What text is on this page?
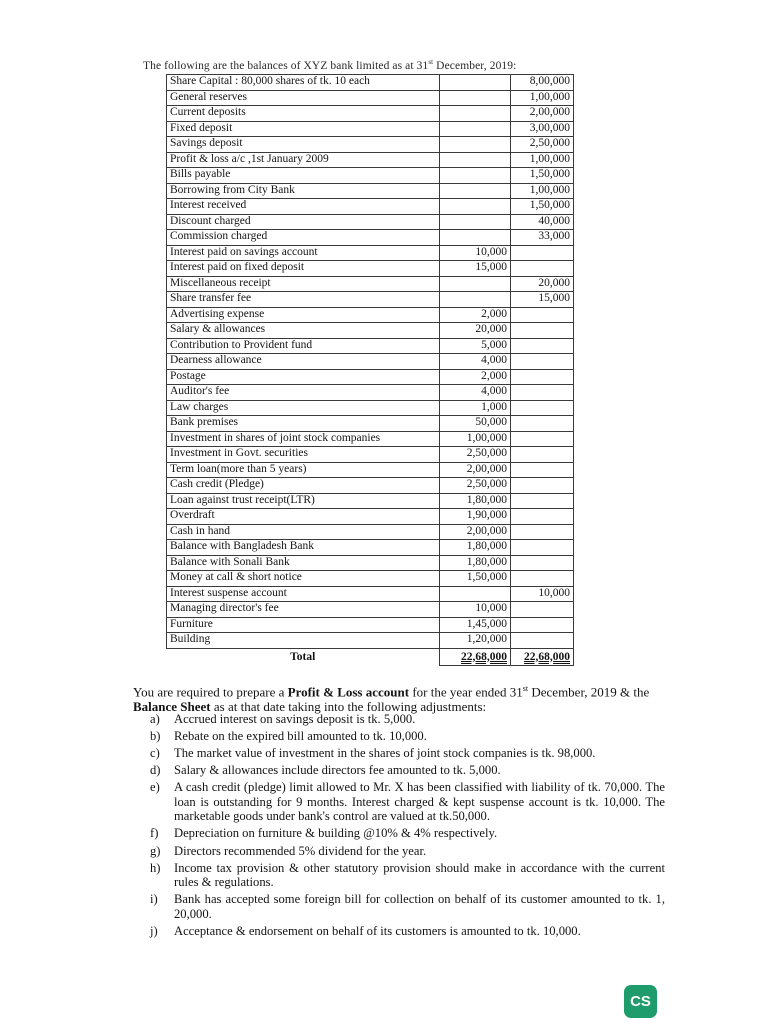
The following are the balances of XYZ bank limited as at 31st December, 2019:
Share Capital : 80,000 shares of tk. 10 each		8,00,000
General reserves		1,00,000
Current deposits		2,00,000
Fixed deposit		3,00,000
Savings deposit		2,50,000
Profit & loss a/c ,1st January 2009		1,00,000
Bills payable		1,50,000
Borrowing from City Bank		1,00,000
Interest received		1,50,000
Discount charged		40,000
Commission charged		33,000
Interest paid on savings account	10,000	
Interest paid on fixed deposit	15,000	
Miscellaneous receipt		20,000
Share transfer fee		15,000
Advertising expense	2,000	
Salary & allowances	20,000	
Contribution to Provident fund	5,000	
Dearness allowance	4,000	
Postage	2,000	
Auditor's fee	4,000	
Law charges	1,000	
Bank premises	50,000	
Investment in shares of joint stock companies	1,00,000	
Investment in Govt. securities	2,50,000	
Term loan(more than 5 years)	2,00,000	
Cash credit (Pledge)	2,50,000	
Loan against trust receipt(LTR)	1,80,000	
Overdraft	1,90,000	
Cash in hand	2,00,000	
Balance with Bangladesh Bank	1,80,000	
Balance with Sonali Bank	1,80,000	
Money at call & short notice	1,50,000	
Interest suspense account		10,000
Managing director's fee	10,000	
Furniture	1,45,000	
Building	1,20,000	
Total	22,68,000	22,68,000
You are required to prepare a Profit & Loss account for the year ended 31st December, 2019 & the Balance Sheet as at that date taking into the following adjustments:
a) Accrued interest on savings deposit is tk. 5,000.
b) Rebate on the expired bill amounted to tk. 10,000.
c) The market value of investment in the shares of joint stock companies is tk. 98,000.
d) Salary & allowances include directors fee amounted to tk. 5,000.
e) A cash credit (pledge) limit allowed to Mr. X has been classified with liability of tk. 70,000. The loan is outstanding for 9 months. Interest charged & kept suspense account is tk. 10,000. The marketable goods under bank's control are valued at tk.50,000.
f) Depreciation on furniture & building @10% & 4% respectively.
g) Directors recommended 5% dividend for the year.
h) Income tax provision & other statutory provision should make in accordance with the current rules & regulations.
i) Bank has accepted some foreign bill for collection on behalf of its customer amounted to tk. 1, 20,000.
j) Acceptance & endorsement on behalf of its customers is amounted to tk. 10,000.
CS
